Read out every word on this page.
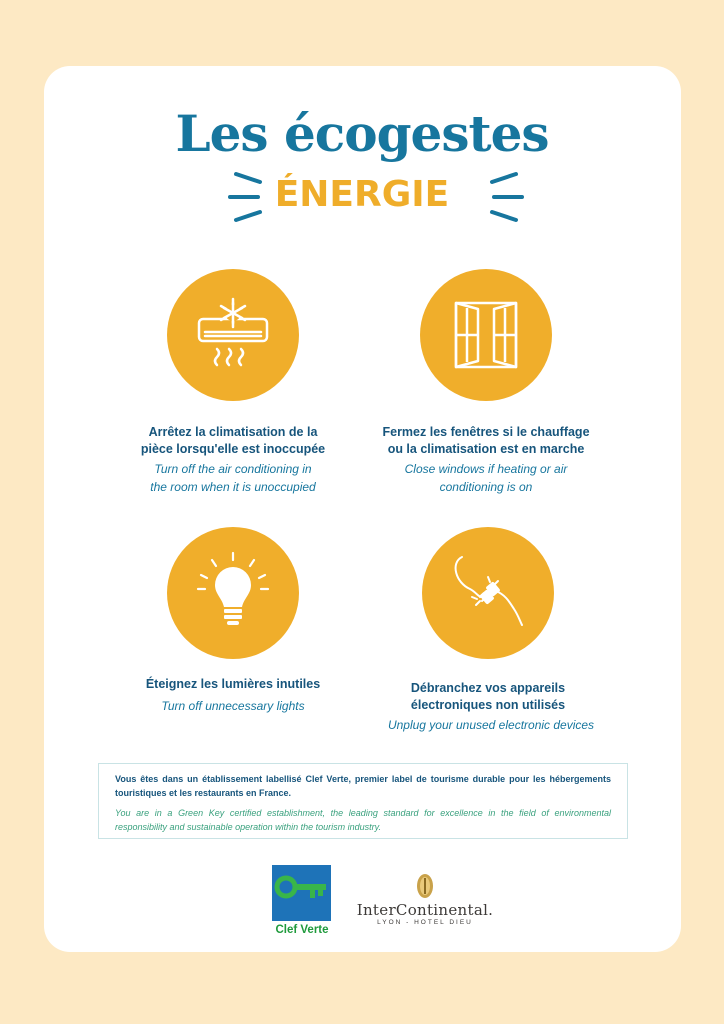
Les écogestes
ÉNERGIE
Arrêtez la climatisation de la pièce lorsqu'elle est inoccupée
Turn off the air conditioning in the room when it is unoccupied
Fermez les fenêtres si le chauffage ou la climatisation est en marche
Close windows if heating or air conditioning is on
Éteignez les lumières inutiles
Turn off unnecessary lights
Débranchez vos appareils électroniques non utilisés
Unplug your unused electronic devices

Vous êtes dans un établissement labellisé Clef Verte, premier label de tourisme durable pour les hébergements touristiques et les restaurants en France.

You are in a Green Key certified establishment, the leading standard for excellence in the field of environmental responsibility and sustainable operation within the tourism industry.

Clef Verte
InterContinental.
LYON - HOTEL DIEU
